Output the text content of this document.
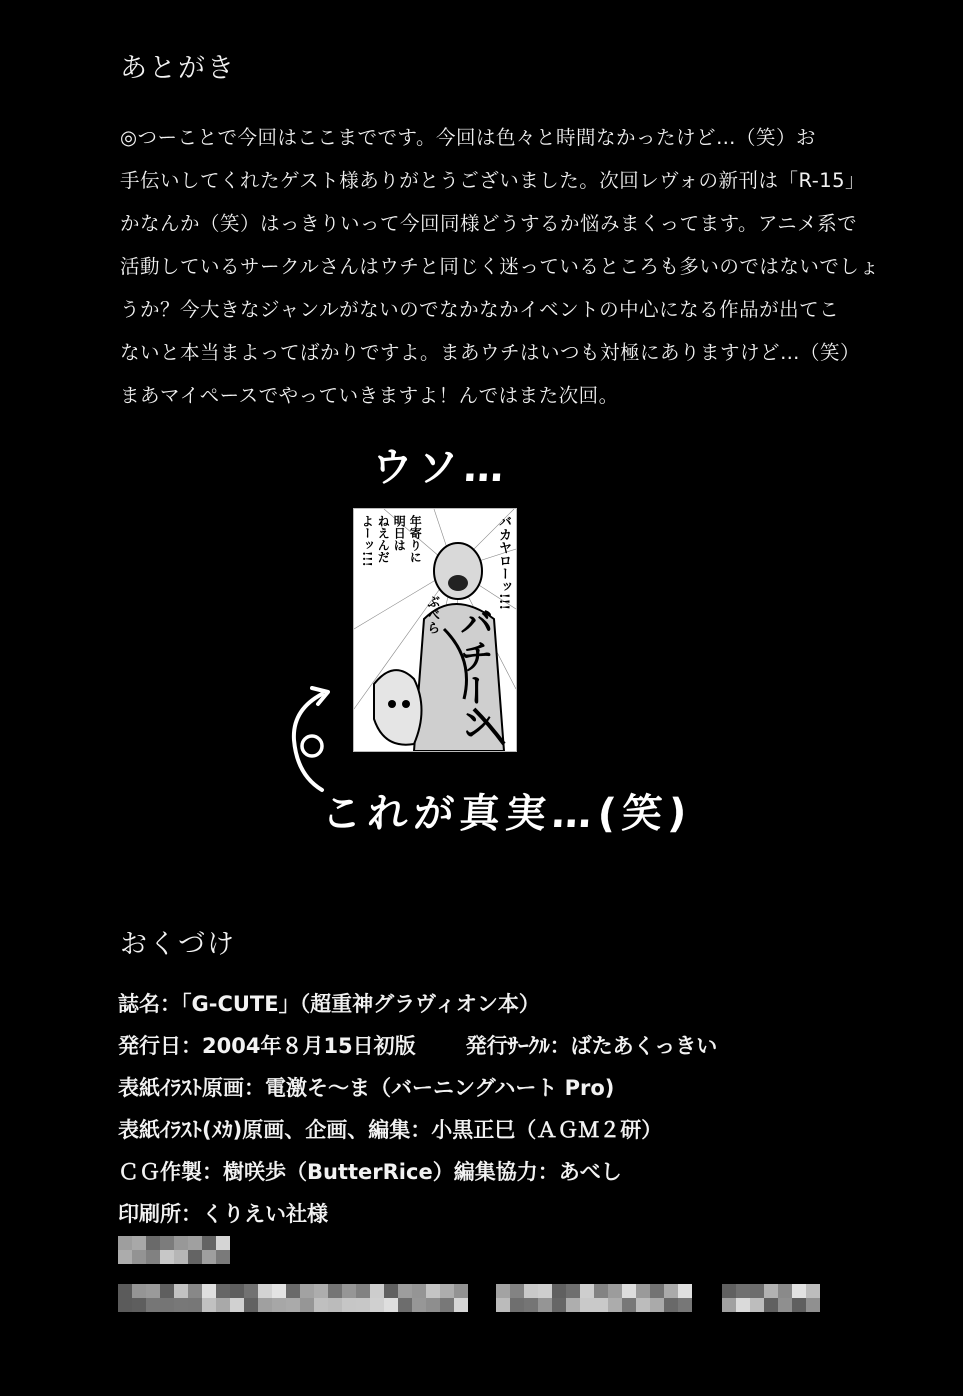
あとがき
◎つーことで今回はここまでです。今回は色々と時間なかったけど…（笑）お
手伝いしてくれたゲスト様ありがとうございました。次回レヴォの新刊は「R-15」
かなんか（笑）はっきりいって今回同様どうするか悩みまくってます。アニメ系で
活動しているサークルさんはウチと同じく迷っているところも多いのではないでしょ
うか？今大きなジャンルがないのでなかなかイベントの中心になる作品が出てこ
ないと本当まよってばかりですよ。まあウチはいつも対極にありますけど…（笑）
まあマイペースでやっていきますよ！んではまた次回。
ウソ…
バカヤローッ!!!
年寄りに
明日は
ねえんだ
よーッ!!!
バチーン
ぶべら
これが真実…(笑)
おくづけ
誌名：「G-CUTE」（超重神グラヴィオン本）
発行日：2004年８月15日初版 発行ｻｰｸﾙ：ばたあくっきい
表紙ｲﾗｽﾄ原画：電激そ～ま（バーニングハート Pro)
表紙ｲﾗｽﾄ(ﾒｶ)原画、企画、編集：小黒正巳（ＡＧＭ２研）
ＣＧ作製：樹咲歩（ButterRice）編集協力：あべし
印刷所：くりえい社様
